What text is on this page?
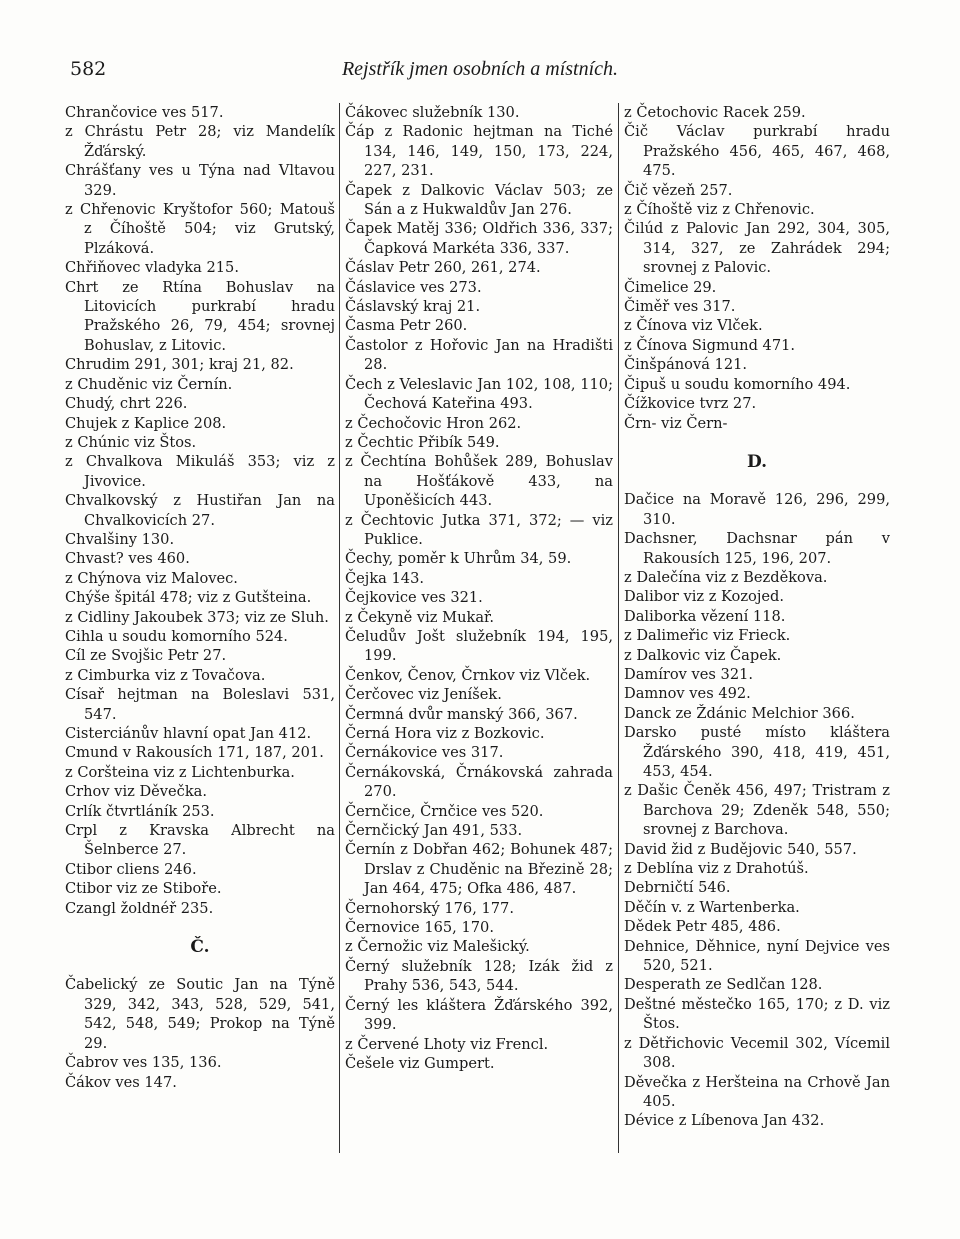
582	Rejstřík jmen osobních a místních.

Chrančovice ves 517.

z Chrástu Petr 28; viz Mandelík Žďárský.

Chrášťany ves u Týna nad Vltavou 329.

z Chřenovic Kryštofor 560; Matouš z Číhoště 504; viz Grutský, Plzáková.

Chřiňovec vladyka 215.

Chrt ze Rtína Bohuslav na Litovicích purkrabí hradu Pražského 26, 79, 454; srovnej Bohuslav, z Litovic.

Chrudim 291, 301; kraj 21, 82.

z Chuděnic viz Černín.

Chudý, chrt 226.

Chujek z Kaplice 208.

z Chúnic viz Štos.

z Chvalkova Mikuláš 353; viz z Jivovice.

Chvalkovský z Hustiřan Jan na Chvalkovicích 27.

Chvalšiny 130.

Chvast? ves 460.

z Chýnova viz Malovec.

Chýše špitál 478; viz z Gutšteina.

z Cidliny Jakoubek 373; viz ze Sluh.

Cihla u soudu komorního 524.

Cíl ze Svojšic Petr 27.

z Cimburka viz z Tovačova.

Císař hejtman na Boleslavi 531, 547.

Cisterciánův hlavní opat Jan 412.

Cmund v Rakousích 171, 187, 201.

z Coršteina viz z Lichtenburka.

Crhov viz Děvečka.

Crlík čtvrtláník 253.

Crpl z Kravska Albrecht na Šelnberce 27.

Ctibor cliens 246.

Ctibor viz ze Stiboře.

Czangl žoldnéř 235.

Č.

Čabelický ze Soutic Jan na Týně 329, 342, 343, 528, 529, 541, 542, 548, 549; Prokop na Týně 29.

Čabrov ves 135, 136.

Čákov ves 147.

Čákovec služebník 130.

Čáp z Radonic hejtman na Tiché 134, 146, 149, 150, 173, 224, 227, 231.

Čapek z Dalkovic Václav 503; ze Sán a z Hukwaldův Jan 276.

Čapek Matěj 336; Oldřich 336, 337; Čapková Markéta 336, 337.

Čáslav Petr 260, 261, 274.

Čáslavice ves 273.

Čáslavský kraj 21.

Časma Petr 260.

Častolor z Hořovic Jan na Hradišti 28.

Čech z Veleslavic Jan 102, 108, 110; Čechová Kateřina 493.

z Čechočovic Hron 262.

z Čechtic Přibík 549.

z Čechtína Bohůšek 289, Bohuslav na Hošťákově 433, na Uponěšicích 443.

z Čechtovic Jutka 371, 372; — viz Puklice.

Čechy, poměr k Uhrům 34, 59.

Čejka 143.

Čejkovice ves 321.

z Čekyně viz Mukař.

Čeludův Jošt služebník 194, 195, 199.

Čenkov, Čenov, Črnkov viz Vlček.

Čerčovec viz Jeníšek.

Čermná dvůr manský 366, 367.

Černá Hora viz z Bozkovic.

Černákovice ves 317.

Černákovská, Črnákovská zahrada 270.

Černčice, Črnčice ves 520.

Černčický Jan 491, 533.

Černín z Dobřan 462; Bohunek 487; Drslav z Chuděnic na Březině 28; Jan 464, 475; Ofka 486, 487.

Černohorský 176, 177.

Černovice 165, 170.

z Černožic viz Malešický.

Černý služebník 128; Izák žid z Prahy 536, 543, 544.

Černý les kláštera Žďárského 392, 399.

z Červené Lhoty viz Frencl.

Češele viz Gumpert.

z Četochovic Racek 259.

Čič Václav purkrabí hradu Pražského 456, 465, 467, 468, 475.

Čič vězeň 257.

z Číhoště viz z Chřenovic.

Čilúd z Palovic Jan 292, 304, 305, 314, 327, ze Zahrádek 294; srovnej z Palovic.

Čimelice 29.

Čiměř ves 317.

z Čínova viz Vlček.

z Čínova Sigmund 471.

Činšpánová 121.

Čipuš u soudu komorního 494.

Čížkovice tvrz 27.

Črn- viz Čern-

D.

Dačice na Moravě 126, 296, 299, 310.

Dachsner, Dachsnar pán v Rakousích 125, 196, 207.

z Dalečína viz z Bezděkova.

Dalibor viz z Kozojed.

Daliborka vězení 118.

z Dalimeřic viz Frieck.

z Dalkovic viz Čapek.

Damírov ves 321.

Damnov ves 492.

Danck ze Ždánic Melchior 366.

Darsko pusté místo kláštera Žďárského 390, 418, 419, 451, 453, 454.

z Dašic Čeněk 456, 497; Tristram z Barchova 29; Zdeněk 548, 550; srovnej z Barchova.

David žid z Budějovic 540, 557.

z Deblína viz z Drahotúš.

Debrničtí 546.

Děčín v. z Wartenberka.

Dědek Petr 485, 486.

Dehnice, Děhnice, nyní Dejvice ves 520, 521.

Desperath ze Sedlčan 128.

Deštné městečko 165, 170; z D. viz Štos.

z Dětřichovic Vecemil 302, Vícemil 308.

Děvečka z Heršteina na Crhově Jan 405.

Dévice z Líbenova Jan 432.
